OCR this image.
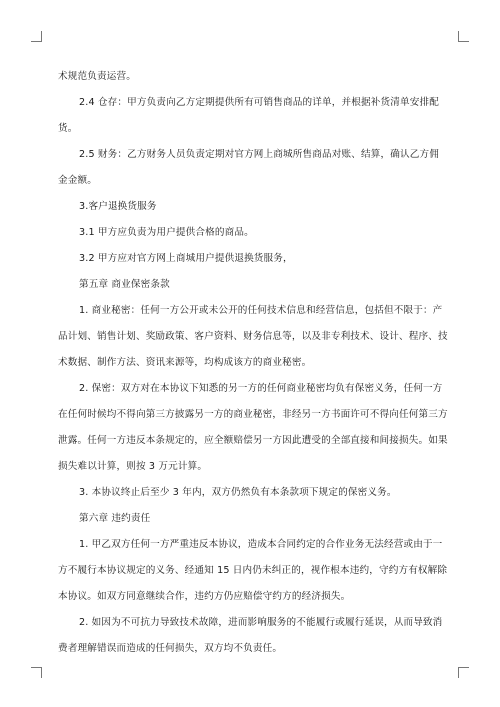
术规范负责运营。

2.4 仓存：甲方负责向乙方定期提供所有可销售商品的详单，并根据补货清单安排配货。

2.5 财务：乙方财务人员负责定期对官方网上商城所售商品对账、结算，确认乙方佣金金额。

3.客户退换货服务

3.1 甲方应负责为用户提供合格的商品。

3.2 甲方应对官方网上商城用户提供退换货服务，

第五章 商业保密条款

1. 商业秘密：任何一方公开或未公开的任何技术信息和经营信息，包括但不限于：产品计划、销售计划、奖励政策、客户资料、财务信息等，以及非专利技术、设计、程序、技术数据、制作方法、资讯来源等，均构成该方的商业秘密。

2. 保密：双方对在本协议下知悉的另一方的任何商业秘密均负有保密义务，任何一方在任何时候均不得向第三方披露另一方的商业秘密，非经另一方书面许可不得向任何第三方泄露。任何一方违反本条规定的，应全额赔偿另一方因此遭受的全部直接和间接损失。如果损失难以计算，则按 3 万元计算。

3. 本协议终止后至少 3 年内，双方仍然负有本条款项下规定的保密义务。

第六章 违约责任

1. 甲乙双方任何一方严重违反本协议，造成本合同约定的合作业务无法经营或由于一方不履行本协议规定的义务、经通知 15 日内仍未纠正的，视作根本违约，守约方有权解除本协议。如双方同意继续合作，违约方仍应赔偿守约方的经济损失。

2. 如因为不可抗力导致技术故障，进而影响服务的不能履行或履行延误，从而导致消费者理解错误而造成的任何损失，双方均不负责任。
